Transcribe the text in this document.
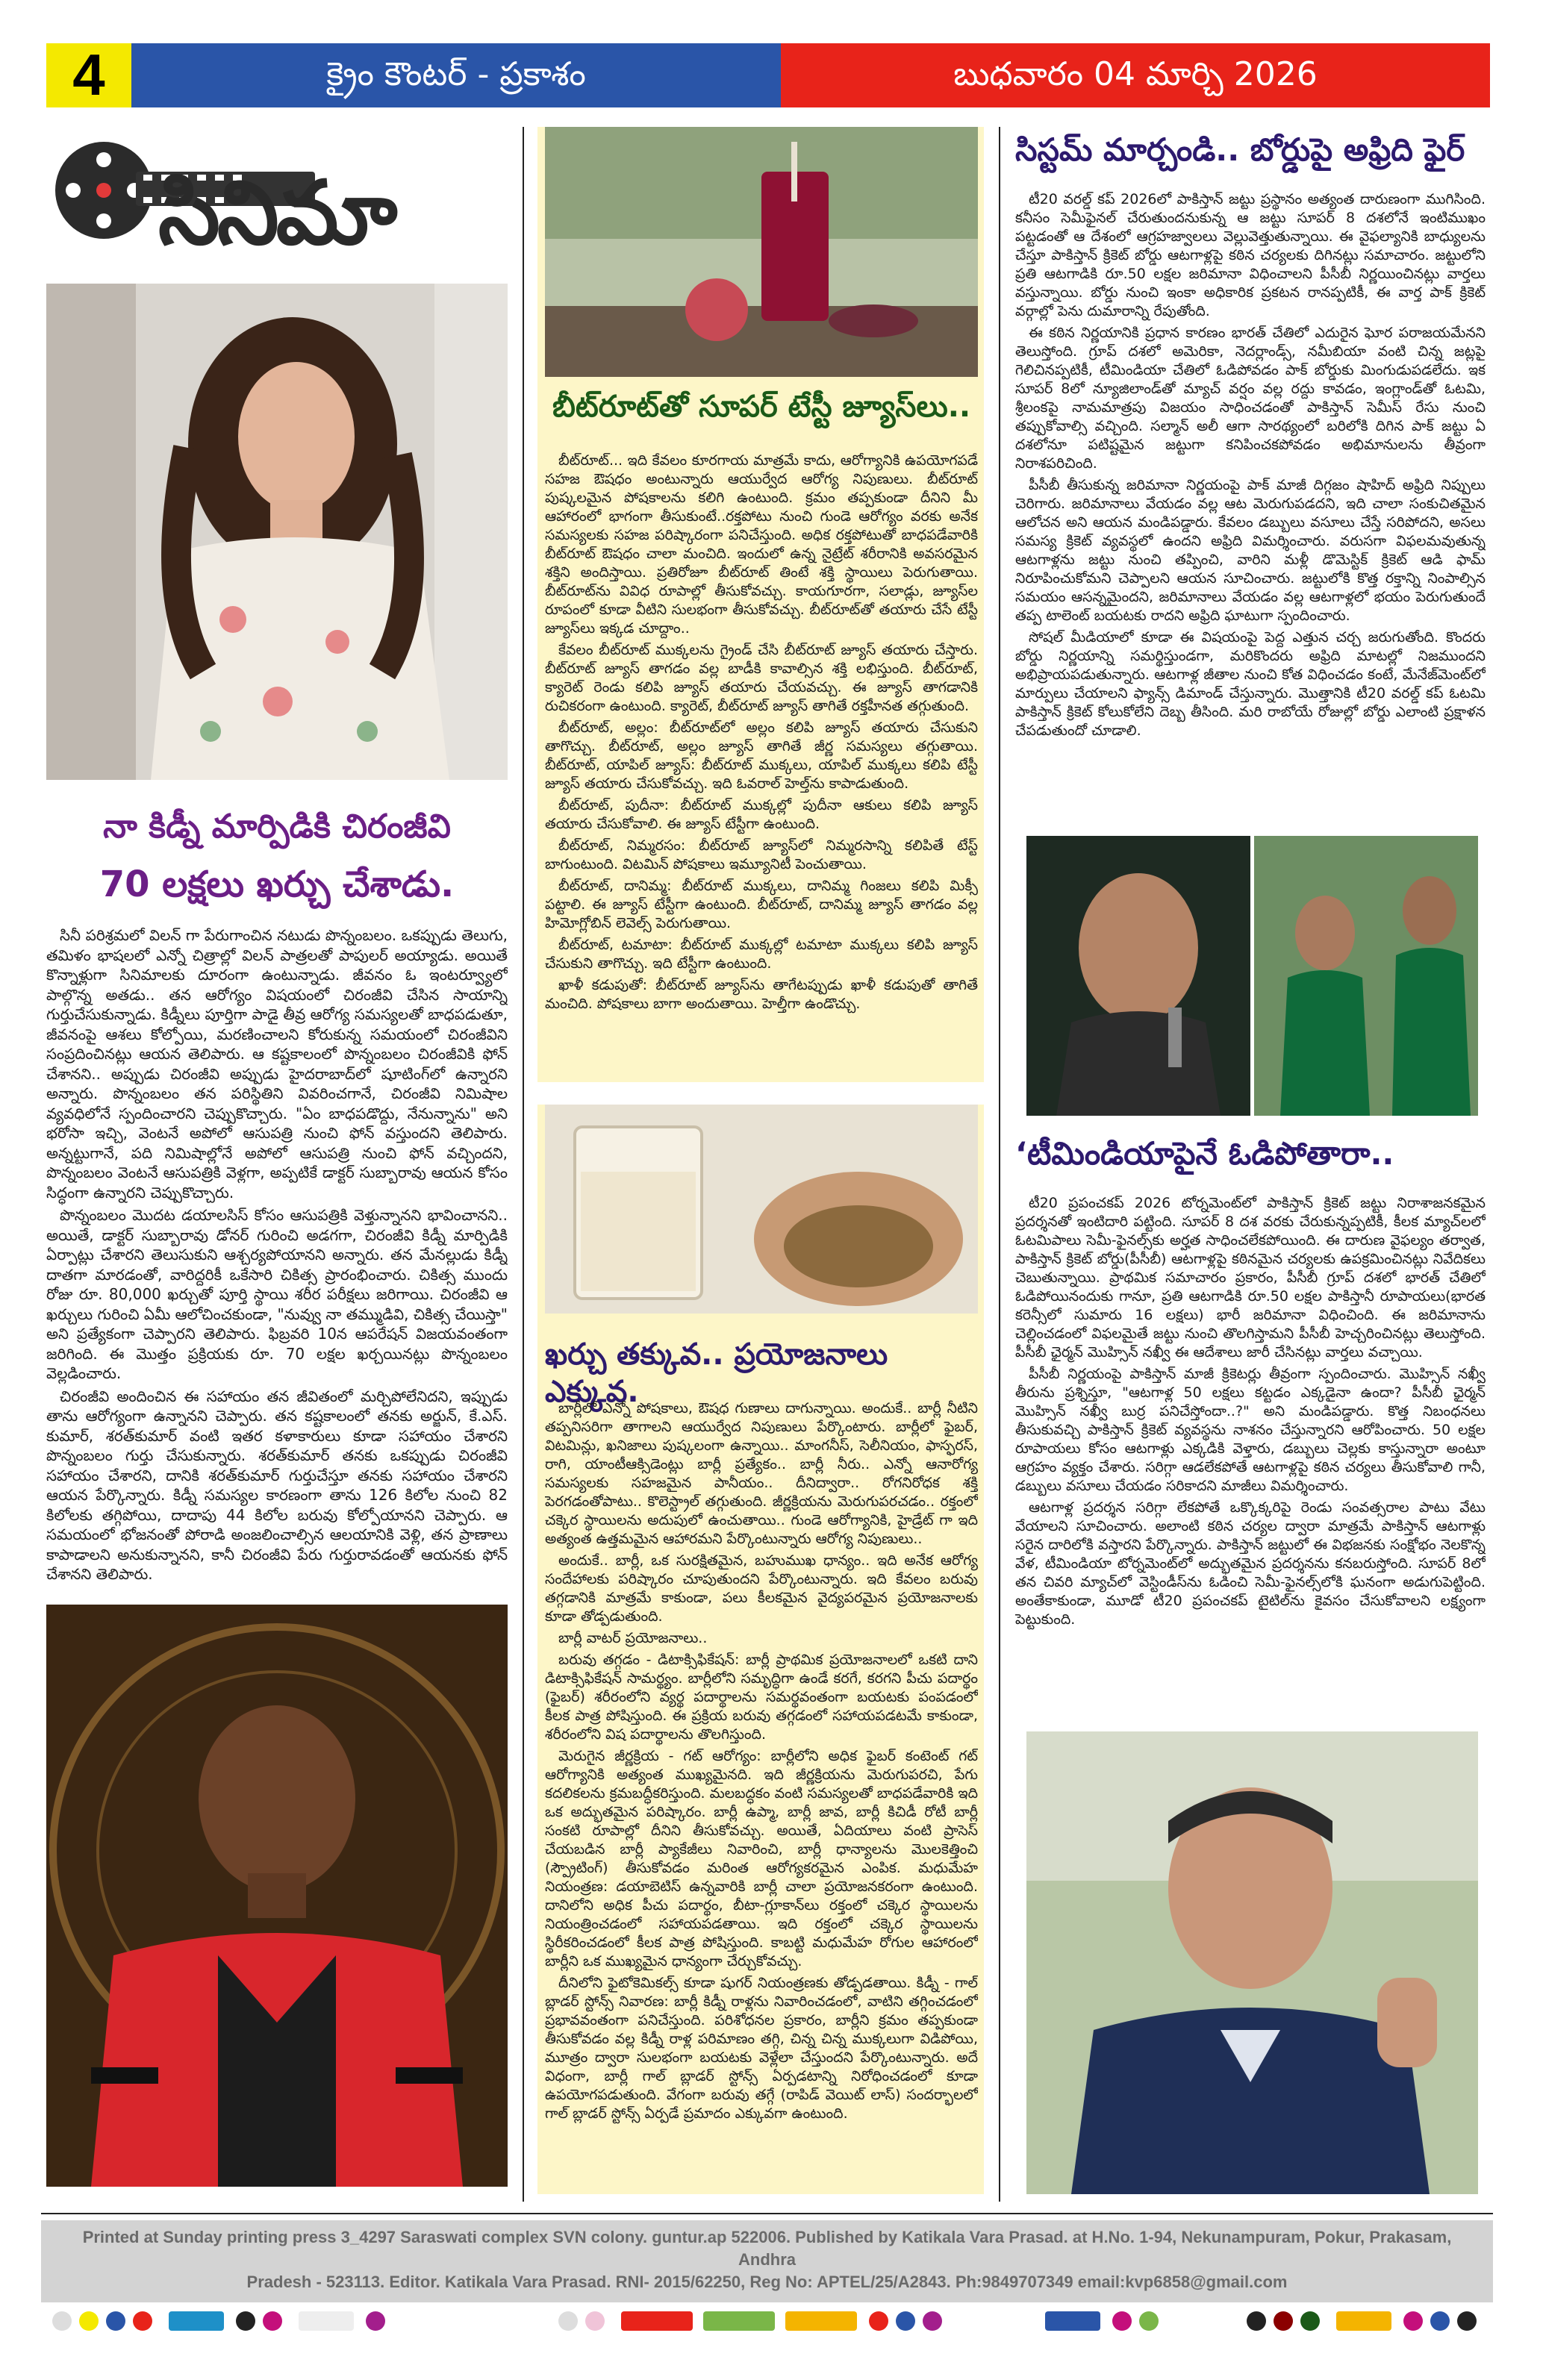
4	క్రైం కౌంటర్ - ప్రకాశం	బుధవారం 04 మార్చి 2026
సినిమా
నా కిడ్నీ మార్పిడికి చిరంజీవి
70 లక్షలు ఖర్చు చేశాడు.

సినీ పరిశ్రమలో విలన్ గా పేరుగాంచిన నటుడు పొన్నంబలం. ఒకప్పుడు తెలుగు, తమిళం భాషలలో ఎన్నో చిత్రాల్లో విలన్ పాత్రలతో పాపులర్ అయ్యాడు. అయితే కొన్నాళ్లుగా సినిమాలకు దూరంగా ఉంటున్నాడు. జీవనం ఓ ఇంటర్వ్యూలో పాల్గొన్న అతడు.. తన ఆరోగ్యం విషయంలో చిరంజీవి చేసిన సాయాన్ని గుర్తుచేసుకున్నాడు. కిడ్నీలు పూర్తిగా పాడై తీవ్ర ఆరోగ్య సమస్యలతో బాధపడుతూ, జీవనంపై ఆశలు కోల్పోయి, మరణించాలని కోరుకున్న సమయంలో చిరంజీవిని సంప్రదించినట్లు ఆయన తెలిపారు. ఆ కష్టకాలంలో పొన్నంబలం చిరంజీవికి ఫోన్ చేశానని.. అప్పుడు చిరంజీవి అప్పుడు హైదరాబాద్‌లో షూటింగ్‌లో ఉన్నారని అన్నారు. పొన్నంబలం తన పరిస్థితిని వివరించగానే, చిరంజీవి నిమిషాల వ్యవధిలోనే స్పందించారని చెప్పుకొచ్చారు. "ఏం బాధపడొద్దు, నేనున్నాను" అని భరోసా ఇచ్చి, వెంటనే అపోలో ఆసుపత్రి నుంచి ఫోన్ వస్తుందని తెలిపారు. అన్నట్టుగానే, పది నిమిషాల్లోనే అపోలో ఆసుపత్రి నుంచి ఫోన్ వచ్చిందని, పొన్నంబలం వెంటనే ఆసుపత్రికి వెళ్లగా, అప్పటికే డాక్టర్ సుబ్బారావు ఆయన కోసం సిద్ధంగా ఉన్నారని చెప్పుకొచ్చారు.

పొన్నంబలం మొదట డయాలసిస్ కోసం ఆసుపత్రికి వెళ్తున్నానని భావించానని.. అయితే, డాక్టర్ సుబ్బారావు డోనర్ గురించి అడగగా, చిరంజీవి కిడ్నీ మార్పిడికి ఏర్పాట్లు చేశారని తెలుసుకుని ఆశ్చర్యపోయానని అన్నారు. తన మేనల్లుడు కిడ్నీ దాతగా మారడంతో, వారిద్దరికీ ఒకేసారి చికిత్స ప్రారంభించారు. చికిత్స ముందు రోజు రూ. 80,000 ఖర్చుతో పూర్తి స్థాయి శరీర పరీక్షలు జరిగాయి. చిరంజీవి ఆ ఖర్చులు గురించి ఏమీ ఆలోచించకుండా, "నువ్వు నా తమ్ముడివి, చికిత్స చేయిస్తా" అని ప్రత్యేకంగా చెప్పారని తెలిపారు. ఫిబ్రవరి 10న ఆపరేషన్ విజయవంతంగా జరిగింది. ఈ మొత్తం ప్రక్రియకు రూ. 70 లక్షల ఖర్చయినట్లు పొన్నంబలం వెల్లడించారు.

చిరంజీవి అందించిన ఈ సహాయం తన జీవితంలో మర్చిపోలేనిదని, ఇప్పుడు తాను ఆరోగ్యంగా ఉన్నానని చెప్పారు. తన కష్టకాలంలో తనకు అర్జున్, కే.ఎస్. కుమార్, శరత్‌కుమార్ వంటి ఇతర కళాకారులు కూడా సహాయం చేశారని పొన్నంబలం గుర్తు చేసుకున్నారు. శరత్‌కుమార్ తనకు ఒకప్పుడు చిరంజీవి సహాయం చేశారని, దానికి శరత్‌కుమార్ గుర్తుచేస్తూ తనకు సహాయం చేశారని ఆయన పేర్కొన్నారు. కిడ్నీ సమస్యల కారణంగా తాను 126 కిలోల నుంచి 82 కిలోలకు తగ్గిపోయి, దాదాపు 44 కిలోల బరువు కోల్పోయానని చెప్పారు. ఆ సమయంలో భోజనంతో పోరాడి అంజలించాల్సిన ఆలయానికి వెళ్లి, తన ప్రాణాలు కాపాడాలని అనుకున్నానని, కానీ చిరంజీవి పేరు గుర్తురావడంతో ఆయనకు ఫోన్ చేశానని తెలిపారు.

బీట్‌రూట్‌తో సూపర్ టేస్టీ జ్యూస్‌లు..

బీట్‌రూట్... ఇది కేవలం కూరగాయ మాత్రమే కాదు, ఆరోగ్యానికి ఉపయోగపడే సహజ ఔషధం అంటున్నారు ఆయుర్వేద ఆరోగ్య నిపుణులు. బీట్‌రూట్ పుష్కలమైన పోషకాలను కలిగి ఉంటుంది. క్రమం తప్పకుండా దీనిని మీ ఆహారంలో భాగంగా తీసుకుంటే..రక్తపోటు నుంచి గుండె ఆరోగ్యం వరకు అనేక సమస్యలకు సహజ పరిష్కారంగా పనిచేస్తుంది. అధిక రక్తపోటుతో బాధపడేవారికి బీట్‌రూట్ ఔషధం చాలా మంచిది. ఇందులో ఉన్న నైట్రేట్ శరీరానికి అవసరమైన శక్తిని అందిస్తాయి. ప్రతిరోజూ బీట్‌రూట్ తింటే శక్తి స్థాయిలు పెరుగుతాయి. బీట్‌రూట్‌ను వివిధ రూపాల్లో తీసుకోవచ్చు. కాయగూరగా, సలాడ్లు, జ్యూస్‌ల రూపంలో కూడా వీటిని సులభంగా తీసుకోవచ్చు. బీట్‌రూట్‌తో తయారు చేసే టేస్టీ జ్యూస్‌లు ఇక్కడ చూద్దాం..

కేవలం బీట్‌రూట్ ముక్కలను గ్రైండ్ చేసి బీట్‌రూట్ జ్యూస్ తయారు చేస్తారు. బీట్‌రూట్ జ్యూస్ తాగడం వల్ల బాడీకి కావాల్సిన శక్తి లభిస్తుంది. బీట్‌రూట్, క్యారెట్ రెండు కలిపి జ్యూస్ తయారు చేయవచ్చు. ఈ జ్యూస్ తాగడానికి రుచికరంగా ఉంటుంది. క్యారెట్, బీట్‌రూట్ జ్యూస్ తాగితే రక్తహీనత తగ్గుతుంది.

బీట్‌రూట్, అల్లం: బీట్‌రూట్‌లో అల్లం కలిపి జ్యూస్ తయారు చేసుకుని తాగొచ్చు. బీట్‌రూట్, అల్లం జ్యూస్ తాగితే జీర్ణ సమస్యలు తగ్గుతాయి. బీట్‌రూట్, యాపిల్ జ్యూస్: బీట్‌రూట్ ముక్కలు, యాపిల్ ముక్కలు కలిపి టేస్టీ జ్యూస్ తయారు చేసుకోవచ్చు. ఇది ఓవరాల్ హెల్త్‌ను కాపాడుతుంది.

బీట్‌రూట్, పుదీనా: బీట్‌రూట్ ముక్కల్లో పుదీనా ఆకులు కలిపి జ్యూస్ తయారు చేసుకోవాలి. ఈ జ్యూస్ టేస్టీగా ఉంటుంది.

బీట్‌రూట్, నిమ్మరసం: బీట్‌రూట్ జ్యూస్‌లో నిమ్మరసాన్ని కలిపితే టేస్ట్ బాగుంటుంది. విటమిన్ పోషకాలు ఇమ్యూనిటీ పెంచుతాయి.

బీట్‌రూట్, దానిమ్మ: బీట్‌రూట్ ముక్కలు, దానిమ్మ గింజలు కలిపి మిక్సీ పట్టాలి. ఈ జ్యూస్ టేస్టీగా ఉంటుంది. బీట్‌రూట్, దానిమ్మ జ్యూస్ తాగడం వల్ల హిమోగ్లోబిన్ లెవెల్స్ పెరుగుతాయి.

బీట్‌రూట్, టమాటా: బీట్‌రూట్ ముక్కల్లో టమాటా ముక్కలు కలిపి జ్యూస్ చేసుకుని తాగొచ్చు. ఇది టేస్టీగా ఉంటుంది.

ఖాళీ కడుపుతో: బీట్‌రూట్ జ్యూస్‌ను తాగేటప్పుడు ఖాళీ కడుపుతో తాగితే మంచిది. పోషకాలు బాగా అందుతాయి. హెల్తీగా ఉండొచ్చు.

ఖర్చు తక్కువ.. ప్రయోజనాలు ఎక్కువ.

బార్లీలో ఎన్నో పోషకాలు, ఔషధ గుణాలు దాగున్నాయి. అందుకే.. బార్లీ నీటిని తప్పనిసరిగా తాగాలని ఆయుర్వేద నిపుణులు పేర్కొంటారు. బార్లీలో ఫైబర్, విటమిన్లు, ఖనిజాలు పుష్కలంగా ఉన్నాయి.. మాంగనీస్, సెలీనియం, ఫాస్ఫరస్, రాగి, యాంటీఆక్సిడెంట్లు బార్లీ ప్రత్యేకం.. బార్లీ నీరు.. ఎన్నో ఆనారోగ్య సమస్యలకు సహజమైన పానీయం.. దీనిద్వారా.. రోగనిరోధక శక్తి పెరగడంతోపాటు.. కొలెస్ట్రాల్ తగ్గుతుంది. జీర్ణక్రియను మెరుగుపరచడం.. రక్తంలో చక్కెర స్థాయిలను అదుపులో ఉంచుతాయి.. గుండె ఆరోగ్యానికి, హైడ్రేట్ గా ఇది అత్యంత ఉత్తమమైన ఆహారమని పేర్కొంటున్నారు ఆరోగ్య నిపుణులు..

అందుకే.. బార్లీ, ఒక సురక్షితమైన, బహుముఖ ధాన్యం.. ఇది అనేక ఆరోగ్య సందేహాలకు పరిష్కారం చూపుతుందని పేర్కొంటున్నారు. ఇది కేవలం బరువు తగ్గడానికి మాత్రమే కాకుండా, పలు కీలకమైన వైద్యపరమైన ప్రయోజనాలకు కూడా తోడ్పడుతుంది.

బార్లీ వాటర్ ప్రయోజనాలు..

బరువు తగ్గడం - డిటాక్సిఫికేషన్: బార్లీ ప్రాథమిక ప్రయోజనాలలో ఒకటి దాని డిటాక్సిఫికేషన్ సామర్థ్యం. బార్లీలోని సమృద్ధిగా ఉండే కరగే, కరగని పీచు పదార్థం (ఫైబర్) శరీరంలోని వ్యర్థ పదార్థాలను సమర్థవంతంగా బయటకు పంపడంలో కీలక పాత్ర పోషిస్తుంది. ఈ ప్రక్రియ బరువు తగ్గడంలో సహాయపడటమే కాకుండా, శరీరంలోని విష పదార్థాలను తొలగిస్తుంది.

మెరుగైన జీర్ణక్రియ - గట్ ఆరోగ్యం: బార్లీలోని అధిక ఫైబర్ కంటెంట్ గట్ ఆరోగ్యానికి అత్యంత ముఖ్యమైనది. ఇది జీర్ణక్రియను మెరుగుపరచి, పేగు కదలికలను క్రమబద్ధీకరిస్తుంది. మలబద్ధకం వంటి సమస్యలతో బాధపడేవారికి ఇది ఒక అద్భుతమైన పరిష్కారం. బార్లీ ఉప్మా, బార్లీ జావ, బార్లీ కిచిడీ రోటీ బార్లీ సంకటి రూపాల్లో దీనిని తీసుకోవచ్చు. అయితే, ఏదియాలు వంటి ప్రాసెస్ చేయబడిన బార్లీ ప్యాకేజీలు నివారించి, బార్లీ ధాన్యాలను మొలకెత్తించి (స్ప్రౌటింగ్) తీసుకోవడం మరింత ఆరోగ్యకరమైన ఎంపిక. మధుమేహ నియంత్రణ: డయాబెటిస్ ఉన్నవారికి బార్లీ చాలా ప్రయోజనకరంగా ఉంటుంది. దానిలోని అధిక పీచు పదార్థం, బీటా-గ్లూకాన్‌లు రక్తంలో చక్కెర స్థాయిలను నియంత్రించడంలో సహాయపడతాయి. ఇది రక్తంలో చక్కెర స్థాయిలను స్థిరీకరించడంలో కీలక పాత్ర పోషిస్తుంది. కాబట్టి మధుమేహ రోగుల ఆహారంలో బార్లీని ఒక ముఖ్యమైన ధాన్యంగా చేర్చుకోవచ్చు.

దీనిలోని ఫైటోకెమికల్స్ కూడా షుగర్ నియంత్రణకు తోడ్పడతాయి. కిడ్నీ - గాల్ బ్లాడర్ స్టోన్స్ నివారణ: బార్లీ కిడ్నీ రాళ్లను నివారించడంలో, వాటిని తగ్గించడంలో ప్రభావవంతంగా పనిచేస్తుంది. పరిశోధనల ప్రకారం, బార్లీని క్రమం తప్పకుండా తీసుకోవడం వల్ల కిడ్నీ రాళ్ల పరిమాణం తగ్గి, చిన్న చిన్న ముక్కలుగా విడిపోయి, మూత్రం ద్వారా సులభంగా బయటకు వెళ్లేలా చేస్తుందని పేర్కొంటున్నారు. అదే విధంగా, బార్లీ గాల్ బ్లాడర్ స్టోన్స్ ఏర్పడటాన్ని నిరోధించడంలో కూడా ఉపయోగపడుతుంది. వేగంగా బరువు తగ్గే (రాపిడ్ వెయిట్ లాస్) సందర్భాలలో గాల్ బ్లాడర్ స్టోన్స్ ఏర్పడే ప్రమాదం ఎక్కువగా ఉంటుంది.

సిస్టమ్ మార్చండి.. బోర్డుపై అఫ్రిది ఫైర్

టీ20 వరల్డ్ కప్ 2026లో పాకిస్తాన్ జట్టు ప్రస్థానం అత్యంత దారుణంగా ముగిసింది. కనీసం సెమీఫైనల్ చేరుతుందనుకున్న ఆ జట్టు సూపర్ 8 దశలోనే ఇంటిముఖం పట్టడంతో ఆ దేశంలో ఆగ్రహజ్వాలలు వెల్లువెత్తుతున్నాయి. ఈ వైఫల్యానికి బాధ్యులను చేస్తూ పాకిస్తాన్ క్రికెట్ బోర్డు ఆటగాళ్లపై కఠిన చర్యలకు దిగినట్లు సమాచారం. జట్టులోని ప్రతి ఆటగాడికి రూ.50 లక్షల జరిమానా విధించాలని పీసీబీ నిర్ణయించినట్లు వార్తలు వస్తున్నాయి. బోర్డు నుంచి ఇంకా అధికారిక ప్రకటన రానప్పటికీ, ఈ వార్త పాక్ క్రికెట్ వర్గాల్లో పెను దుమారాన్ని రేపుతోంది.

ఈ కఠిన నిర్ణయానికి ప్రధాన కారణం భారత్ చేతిలో ఎదురైన ఘోర పరాజయమేనని తెలుస్తోంది. గ్రూప్ దశలో అమెరికా, నెదర్లాండ్స్, నమీబియా వంటి చిన్న జట్లపై గెలిచినప్పటికీ, టీమిండియా చేతిలో ఓడిపోవడం పాక్ బోర్డుకు మింగుడుపడలేదు. ఇక సూపర్ 8లో న్యూజిలాండ్‌తో మ్యాచ్ వర్షం వల్ల రద్దు కావడం, ఇంగ్లాండ్‌తో ఓటమి, శ్రీలంకపై నామమాత్రపు విజయం సాధించడంతో పాకిస్తాన్ సెమీస్ రేసు నుంచి తప్పుకోవాల్సి వచ్చింది. సల్మాన్ అలీ ఆగా సారథ్యంలో బరిలోకి దిగిన పాక్ జట్టు ఏ దశలోనూ పటిష్టమైన జట్టుగా కనిపించకపోవడం అభిమానులను తీవ్రంగా నిరాశపరిచింది.

పీసీబీ తీసుకున్న జరిమానా నిర్ణయంపై పాక్ మాజీ దిగ్గజం షాహిద్ అఫ్రిది నిప్పులు చెరిగారు. జరిమానాలు వేయడం వల్ల ఆట మెరుగుపడదని, ఇది చాలా సంకుచితమైన ఆలోచన అని ఆయన మండిపడ్డారు. కేవలం డబ్బులు వసూలు చేస్తే సరిపోదని, అసలు సమస్య క్రికెట్ వ్యవస్థలో ఉందని అఫ్రిది విమర్శించారు. వరుసగా విఫలమవుతున్న ఆటగాళ్లను జట్టు నుంచి తప్పించి, వారిని మళ్లీ డొమెస్టిక్ క్రికెట్ ఆడి ఫామ్ నిరూపించుకోమని చెప్పాలని ఆయన సూచించారు. జట్టులోకి కొత్త రక్తాన్ని నింపాల్సిన సమయం ఆసన్నమైందని, జరిమానాలు వేయడం వల్ల ఆటగాళ్లలో భయం పెరుగుతుందే తప్ప టాలెంట్ బయటకు రాదని అఫ్రిది ఘాటుగా స్పందించారు.

సోషల్ మీడియాలో కూడా ఈ విషయంపై పెద్ద ఎత్తున చర్చ జరుగుతోంది. కొందరు బోర్డు నిర్ణయాన్ని సమర్థిస్తుండగా, మరికొందరు అఫ్రిది మాటల్లో నిజముందని అభిప్రాయపడుతున్నారు. ఆటగాళ్ల జీతాల నుంచి కోత విధించడం కంటే, మేనేజ్‌మెంట్‌లో మార్పులు చేయాలని ఫ్యాన్స్ డిమాండ్ చేస్తున్నారు. మొత్తానికి టీ20 వరల్డ్ కప్ ఓటమి పాకిస్తాన్ క్రికెట్ కోలుకోలేని దెబ్బ తీసింది. మరి రాబోయే రోజుల్లో బోర్డు ఎలాంటి ప్రక్షాళన చేపడుతుందో చూడాలి.

‘టీమిండియాపైనే ఓడిపోతారా..

టీ20 ప్రపంచకప్ 2026 టోర్నమెంట్‌లో పాకిస్తాన్ క్రికెట్ జట్టు నిరాశాజనకమైన ప్రదర్శనతో ఇంటిదారి పట్టింది. సూపర్ 8 దశ వరకు చేరుకున్నప్పటికీ, కీలక మ్యాచ్‌లలో ఓటమిపాలు సెమీ-ఫైనల్స్‌కు అర్హత సాధించలేకపోయింది. ఈ దారుణ వైఫల్యం తర్వాత, పాకిస్తాన్ క్రికెట్ బోర్డు(పీసీబీ) ఆటగాళ్లపై కఠినమైన చర్యలకు ఉపక్రమించినట్లు నివేదికలు చెబుతున్నాయి. ప్రాథమిక సమాచారం ప్రకారం, పీసీబీ గ్రూప్ దశలో భారత్ చేతిలో ఓడిపోయినందుకు గానూ, ప్రతి ఆటగాడికి రూ.50 లక్షల పాకిస్తానీ రూపాయలు(భారత కరెన్సీలో సుమారు 16 లక్షలు) భారీ జరిమానా విధించింది. ఈ జరిమానాను చెల్లించడంలో విఫలమైతే జట్టు నుంచి తొలగిస్తామని పీసీబీ హెచ్చరించినట్లు తెలుస్తోంది. పీసీబీ ఛైర్మన్ మొహ్సిన్ నఖ్వీ ఈ ఆదేశాలు జారీ చేసినట్లు వార్తలు వచ్చాయి.

పీసీబీ నిర్ణయంపై పాకిస్తాన్ మాజీ క్రికెటర్లు తీవ్రంగా స్పందించారు. మొహ్సిన్ నఖ్వీ తీరును ప్రశ్నిస్తూ, "ఆటగాళ్ల 50 లక్షలు కట్టడం ఎక్కడైనా ఉందా? పీసీబీ ఛైర్మన్ మొహ్సిన్ నఖ్వీ బుర్ర పనిచేస్తోందా..?" అని మండిపడ్డారు. కొత్త నిబంధనలు తీసుకువచ్చి పాకిస్తాన్ క్రికెట్ వ్యవస్థను నాశనం చేస్తున్నారని ఆరోపించారు. 50 లక్షల రూపాయలు కోసం ఆటగాళ్లు ఎక్కడికి వెళ్తారు, డబ్బులు చెల్లకు కాస్తున్నారా అంటూ ఆగ్రహం వ్యక్తం చేశారు. సరిగ్గా ఆడలేకపోతే ఆటగాళ్లపై కఠిన చర్యలు తీసుకోవాలి గానీ, డబ్బులు వసూలు చేయడం సరికాదని మాజీలు విమర్శించారు.

ఆటగాళ్ల ప్రదర్శన సరిగ్గా లేకపోతే ఒక్కొక్కరిపై రెండు సంవత్సరాల పాటు వేటు వేయాలని సూచించారు. అలాంటి కఠిన చర్యల ద్వారా మాత్రమే పాకిస్తాన్ ఆటగాళ్లు సరైన దారిలోకి వస్తారని పేర్కొన్నారు. పాకిస్తాన్ జట్టులో ఈ విభజనకు సంక్షోభం నెలకొన్న వేళ, టీమిండియా టోర్నమెంట్‌లో అద్భుతమైన ప్రదర్శనను కనబరుస్తోంది. సూపర్ 8లో తన చివరి మ్యాచ్‌లో వెస్టిండీస్‌ను ఓడించి సెమీ-ఫైనల్స్‌లోకి ఘనంగా అడుగుపెట్టింది. అంతేకాకుండా, మూడో టీ20 ప్రపంచకప్ టైటిల్‌ను కైవసం చేసుకోవాలని లక్ష్యంగా పెట్టుకుంది.

Printed at Sunday printing press 3_4297 Saraswati complex SVN colony. guntur.ap 522006. Published by Katikala Vara Prasad. at H.No. 1-94, Nekunampuram, Pokur, Prakasam, Andhra
Pradesh - 523113. Editor. Katikala Vara Prasad. RNI- 2015/62250, Reg No: APTEL/25/A2843. Ph:9849707349 email:kvp6858@gmail.com
